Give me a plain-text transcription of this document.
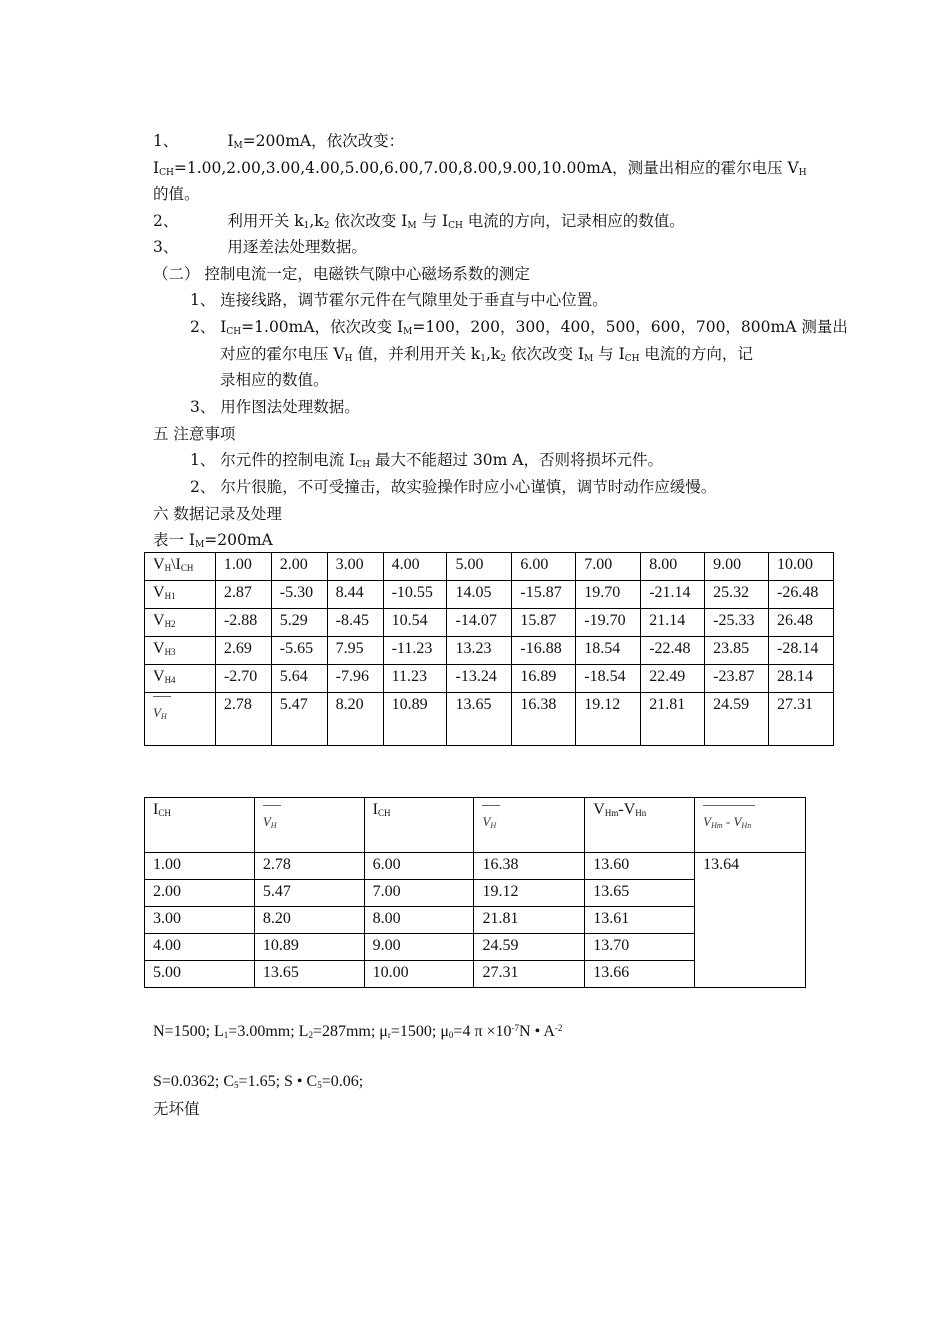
1、	$I_M=200mA$，依次改变：
$I_{CH}=1.00,2.00,3.00,4.00,5.00,6.00,7.00,8.00,9.00,10.00mA$，测量出相应的霍尔电压 $V_H$
的值。
2、	利用开关 $k_1,k_2$ 依次改变 $I_M$ 与 $I_{CH}$ 电流的方向，记录相应的数值。
3、	用逐差法处理数据。
（二） 控制电流一定，电磁铁气隙中心磁场系数的测定
1、 连接线路，调节霍尔元件在气隙里处于垂直与中心位置。
2、 $I_{CH}=1.00mA$，依次改变 $I_M=100$，200，300，400，500，600，700，800mA 测量出
对应的霍尔电压 $V_H$ 值，并利用开关 $k_1,k_2$ 依次改变 $I_M$ 与 $I_{CH}$ 电流的方向，记
录相应的数值。
3、 用作图法处理数据。
五 注意事项
1、 尔元件的控制电流 $I_{CH}$ 最大不能超过 30m A，否则将损坏元件。
2、 尔片很脆，不可受撞击，故实验操作时应小心谨慎，调节时动作应缓慢。
六 数据记录及处理
表一 $I_M=200mA$
$V_H\backslash I_{CH}$	1.00	2.00	3.00	4.00	5.00	6.00	7.00	8.00	9.00	10.00
$V_{H1}$	2.87	-5.30	8.44	-10.55	14.05	-15.87	19.70	-21.14	25.32	-26.48
$V_{H2}$	-2.88	5.29	-8.45	10.54	-14.07	15.87	-19.70	21.14	-25.33	26.48
$V_{H3}$	2.69	-5.65	7.95	-11.23	13.23	-16.88	18.54	-22.48	23.85	-28.14
$V_{H4}$	-2.70	5.64	-7.96	11.23	-13.24	16.89	-18.54	22.49	-23.87	28.14
$V_H$	2.78	5.47	8.20	10.89	13.65	16.38	19.12	21.81	24.59	27.31
$I_{CH}$	$V_H$	$I_{CH}$	$V_H$	$V_{Hm}-V_{Hn}$	$V_{Hm} - V_{Hn}$
1.00	2.78	6.00	16.38	13.60	13.64
2.00	5.47	7.00	19.12	13.65	
3.00	8.20	8.00	21.81	13.61	
4.00	10.89	9.00	24.59	13.70	
5.00	13.65	10.00	27.31	13.66	
N=1500; $L_1=3.00mm$; $L_2=287mm$; $\mu_r=1500$; $\mu_0=4$ $\pi \times 10^{-7}N$ • $A^{-2}$
S=0.0362; $C_5=1.65$; S • $C_5=0.06$;
无坏值
